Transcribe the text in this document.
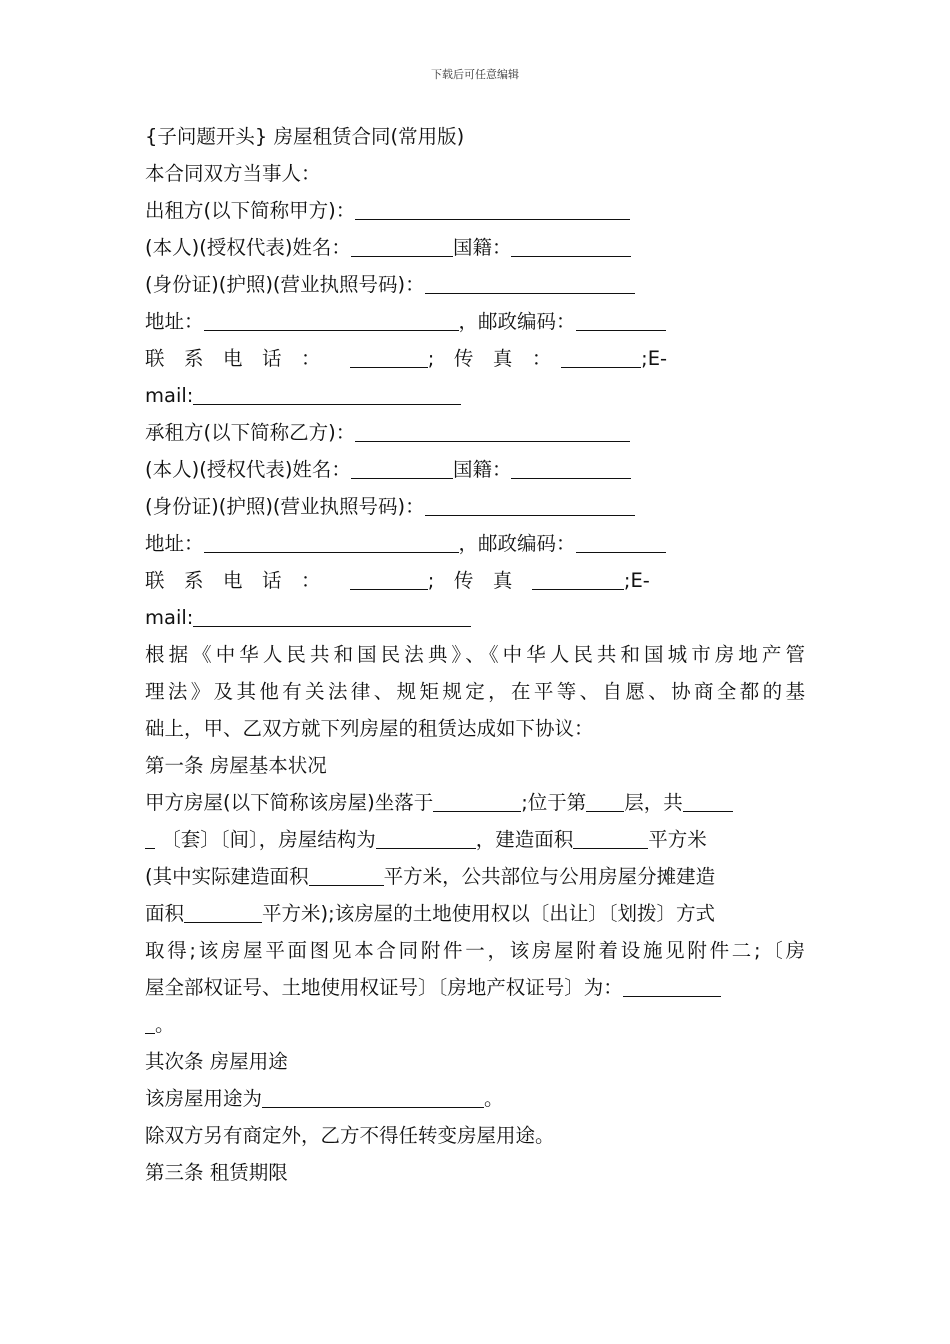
下载后可任意编辑
{子问题开头} 房屋租赁合同(常用版)
本合同双方当事人：
出租方(以下简称甲方)：
(本人)(授权代表)姓名：	国籍：
(身份证)(护照)(营业执照号码)：
地址：	，邮政编码：
联　系　电　话　：　　	;　传　真　：　	;E-
mail:
承租方(以下简称乙方)：
(本人)(授权代表)姓名：	国籍：
(身份证)(护照)(营业执照号码)：
地址：	，邮政编码：
联　系　电　话　：　　	;　传　真　	;E-
mail:
根据《中华人民共和国民法典》、《中华人民共和国城市房地产管
理法》及其他有关法律、规矩规定，在平等、自愿、协商全都的基
础上，甲、乙双方就下列房屋的租赁达成如下协议：
第一条 房屋基本状况
甲方房屋(以下简称该房屋)坐落于	;位于第 层，共
〔套〕〔间〕，房屋结构为	，建造面积	平方米
(其中实际建造面积	平方米，公共部位与公用房屋分摊建造
面积	平方米);该房屋的土地使用权以〔出让〕〔划拨〕方式
取得;该房屋平面图见本合同附件一，该房屋附着设施见附件二;〔房
屋全部权证号、土地使用权证号〕〔房地产权证号〕为：
。
其次条 房屋用途
该房屋用途为	。
除双方另有商定外，乙方不得任转变房屋用途。
第三条 租赁期限
